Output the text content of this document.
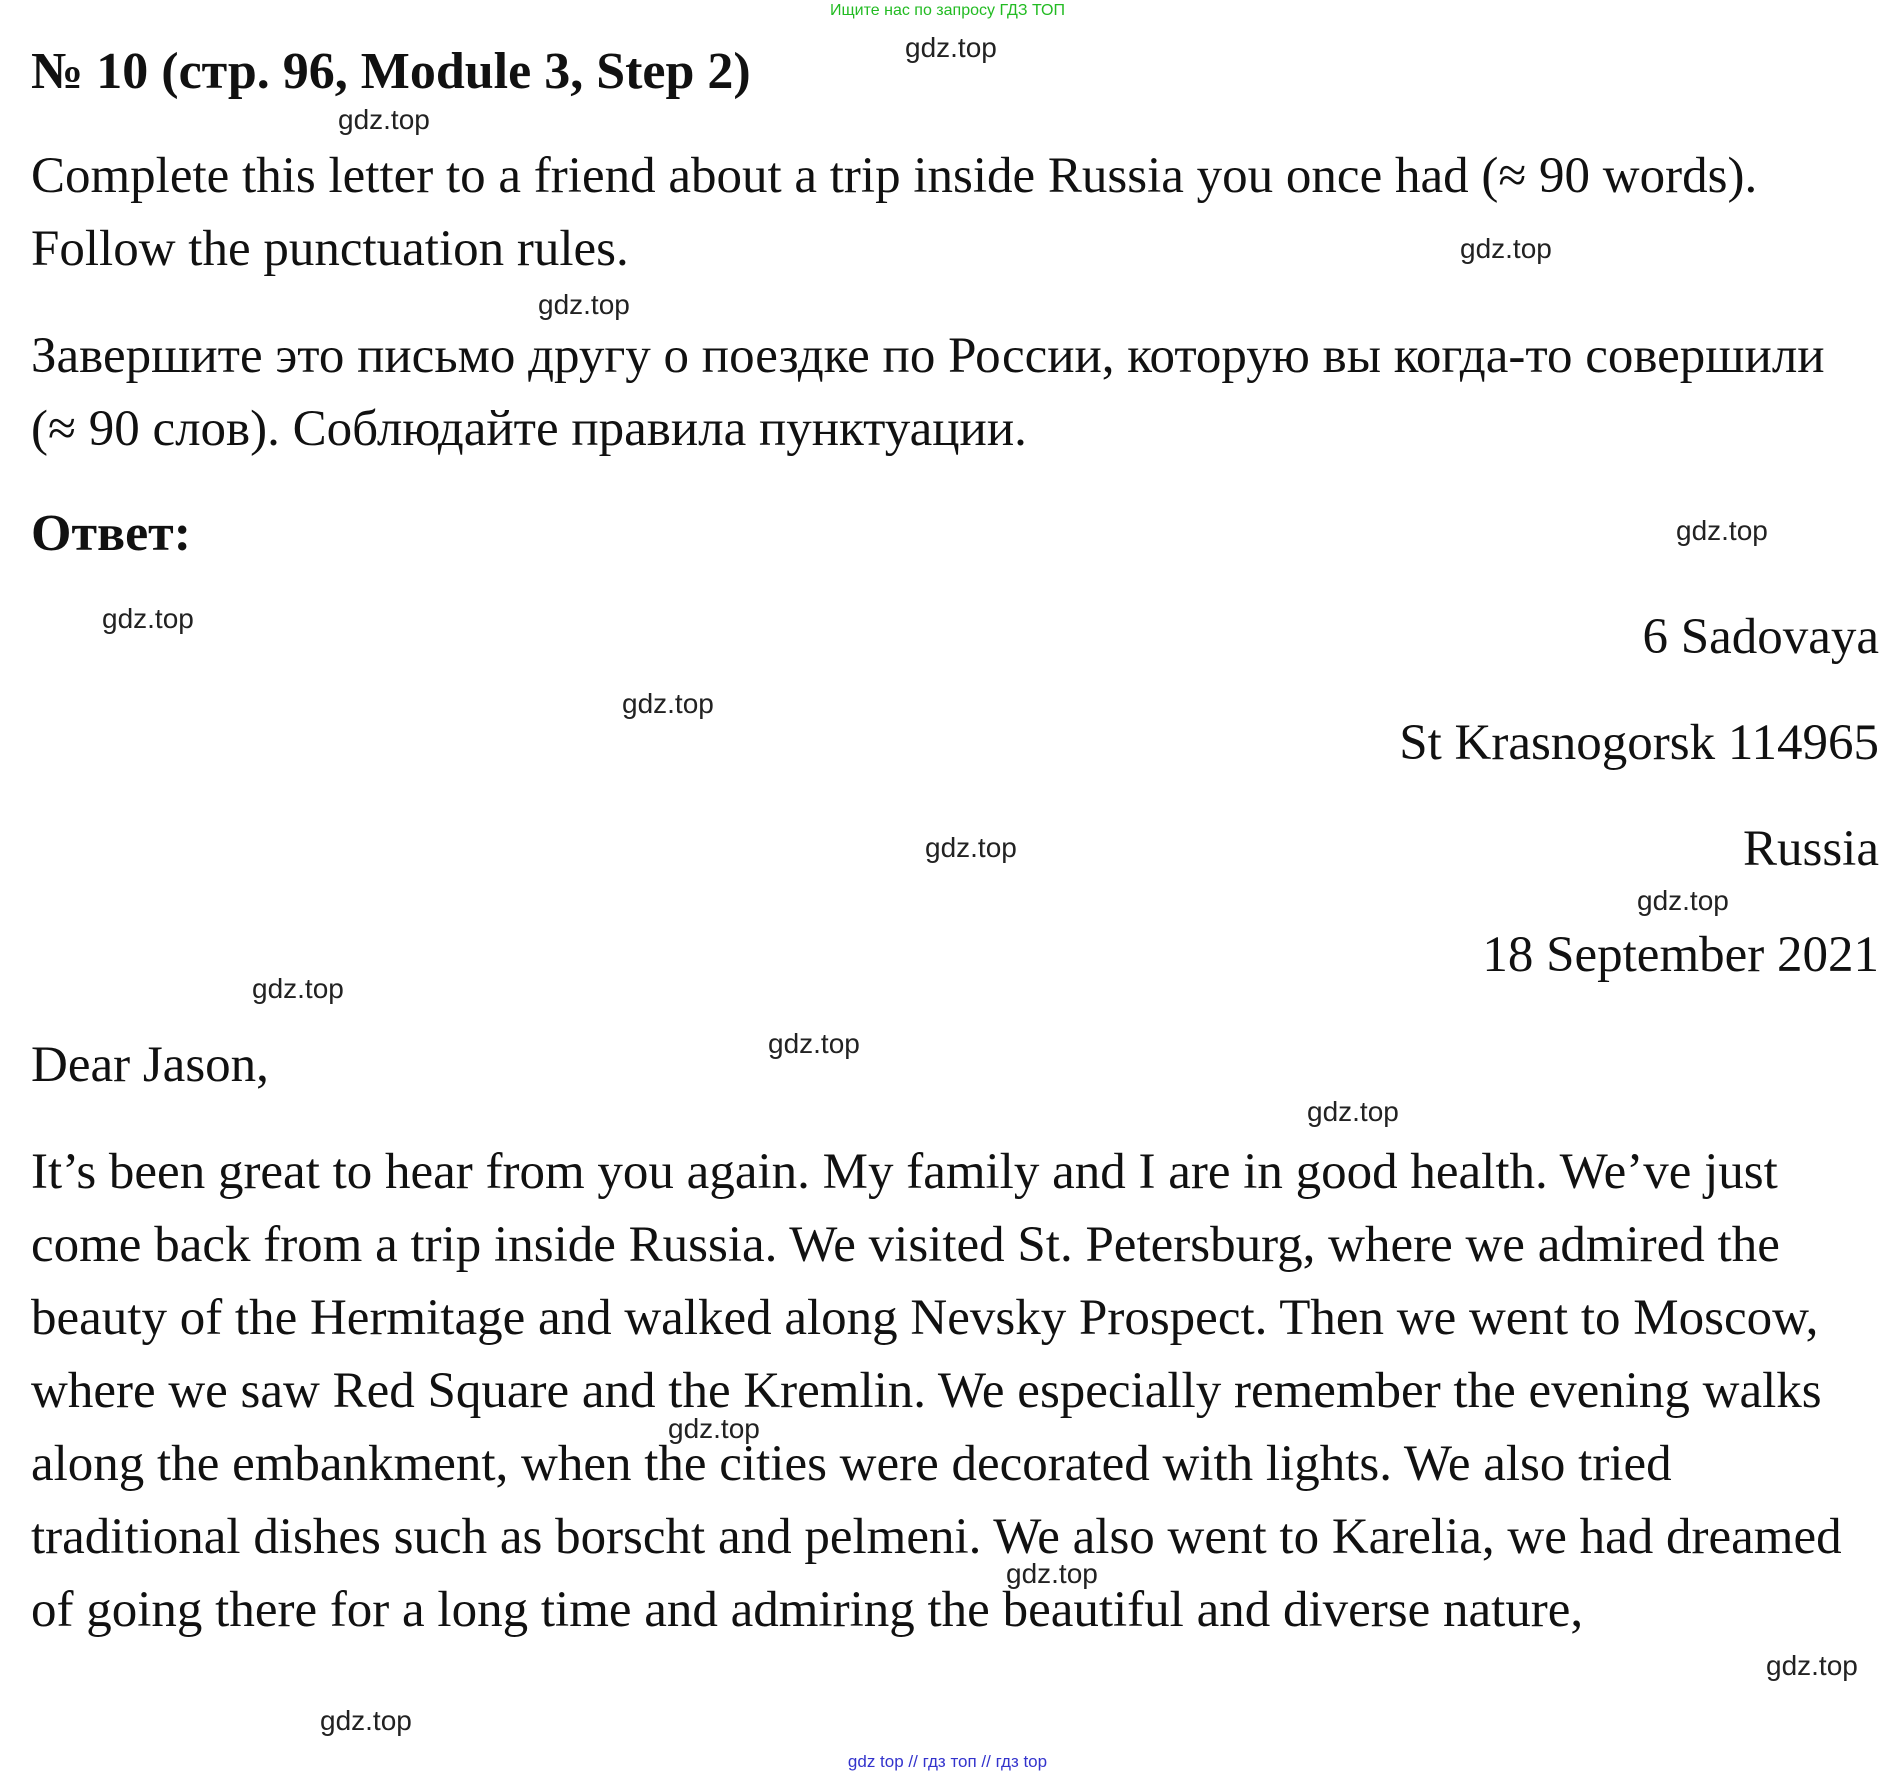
Ищите нас по запросу ГДЗ ТОП
№ 10 (стр. 96, Module 3, Step 2)
Complete this letter to a friend about a trip inside Russia you once had (≈ 90 words). Follow the punctuation rules.
Завершите это письмо другу о поездке по России, которую вы когда-то совершили (≈ 90 слов). Соблюдайте правила пунктуации.
Ответ:
6 Sadovaya
St Krasnogorsk 114965
Russia
18 September 2021
Dear Jason,
It’s been great to hear from you again. My family and I are in good health. We’ve just come back from a trip inside Russia. We visited St. Petersburg, where we admired the beauty of the Hermitage and walked along Nevsky Prospect. Then we went to Moscow, where we saw Red Square and the Kremlin. We especially remember the evening walks along the embankment, when the cities were decorated with lights. We also tried traditional dishes such as borscht and pelmeni. We also went to Karelia, we had dreamed of going there for a long time and admiring the beautiful and diverse nature,
gdz.top
gdz.top
gdz.top
gdz.top
gdz.top
gdz.top
gdz.top
gdz.top
gdz.top
gdz.top
gdz.top
gdz.top
gdz.top
gdz.top
gdz.top
gdz.top
gdz top // гдз топ // гдз top
